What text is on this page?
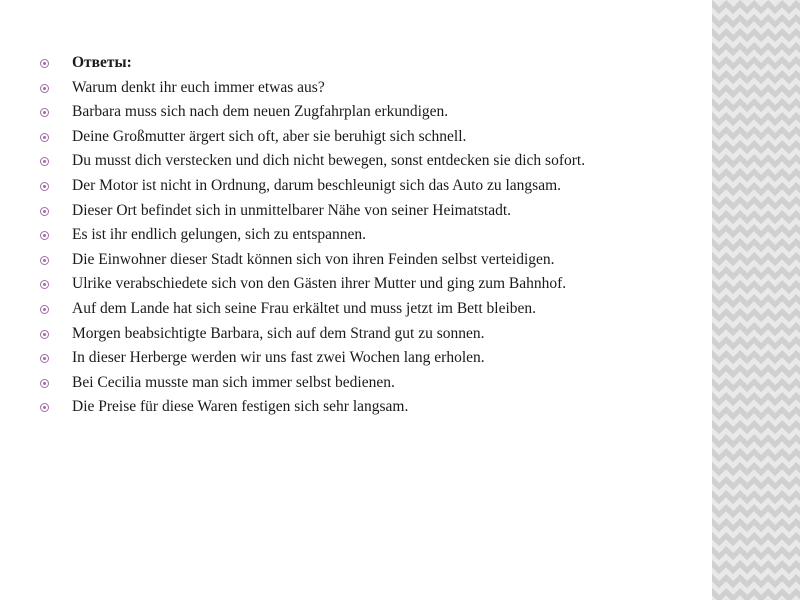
Ответы:
Warum denkt ihr euch immer etwas aus?
Barbara muss sich nach dem neuen Zugfahrplan erkundigen.
Deine Großmutter ärgert sich oft, aber sie beruhigt sich schnell.
Du musst dich verstecken und dich nicht bewegen, sonst entdecken sie dich sofort.
Der Motor ist nicht in Ordnung, darum beschleunigt sich das Auto zu langsam.
Dieser Ort befindet sich in unmittelbarer Nähe von seiner Heimatstadt.
Es ist ihr endlich gelungen, sich zu entspannen.
Die Einwohner dieser Stadt können sich von ihren Feinden selbst verteidigen.
Ulrike verabschiedete sich von den Gästen ihrer Mutter und ging zum Bahnhof.
Auf dem Lande hat sich seine Frau erkältet und muss jetzt im Bett bleiben.
Morgen beabsichtigte Barbara, sich auf dem Strand gut zu sonnen.
In dieser Herberge werden wir uns fast zwei Wochen lang erholen.
Bei Cecilia musste man sich immer selbst bedienen.
Die Preise für diese Waren festigen sich sehr langsam.
